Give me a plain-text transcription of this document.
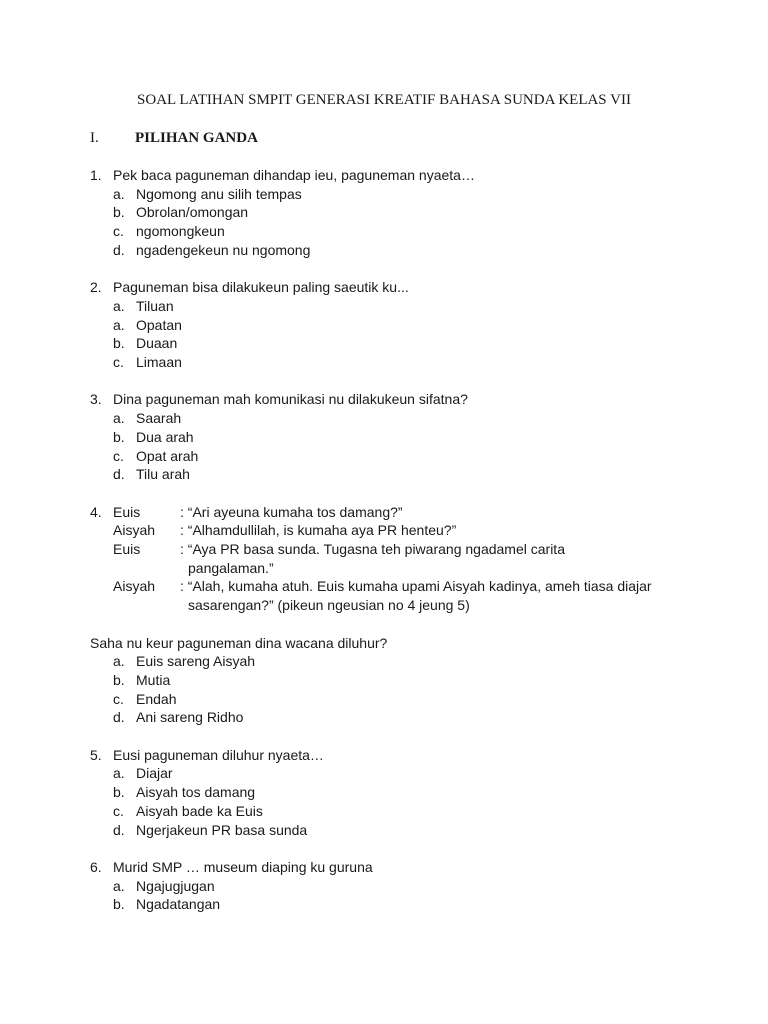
SOAL LATIHAN SMPIT GENERASI KREATIF BAHASA SUNDA KELAS VII
I. PILIHAN GANDA
1. Pek baca paguneman dihandap ieu, paguneman nyaeta…
a. Ngomong anu silih tempas
b. Obrolan/omongan
c. ngomongkeun
d. ngadengekeun nu ngomong
2. Paguneman bisa dilakukeun paling saeutik ku...
a. Tiluan
a. Opatan
b. Duaan
c. Limaan
3. Dina paguneman mah komunikasi nu dilakukeun sifatna?
a. Saarah
b. Dua arah
c. Opat arah
d. Tilu arah
4. Euis	: “Ari ayeuna kumaha tos damang?”
Aisyah	: “Alhamdullilah, is kumaha aya PR henteu?”
Euis	: “Aya PR basa sunda. Tugasna teh piwarang ngadamel carita pangalaman.”
Aisyah	: “Alah, kumaha atuh. Euis kumaha upami Aisyah kadinya, ameh tiasa diajar sasarengan?” (pikeun ngeusian no 4 jeung 5)
Saha nu keur paguneman dina wacana diluhur?
a. Euis sareng Aisyah
b. Mutia
c. Endah
d. Ani sareng Ridho
5. Eusi paguneman diluhur nyaeta…
a. Diajar
b. Aisyah tos damang
c. Aisyah bade ka Euis
d. Ngerjakeun PR basa sunda
6. Murid SMP … museum diaping ku guruna
a. Ngajugjugan
b. Ngadatangan
